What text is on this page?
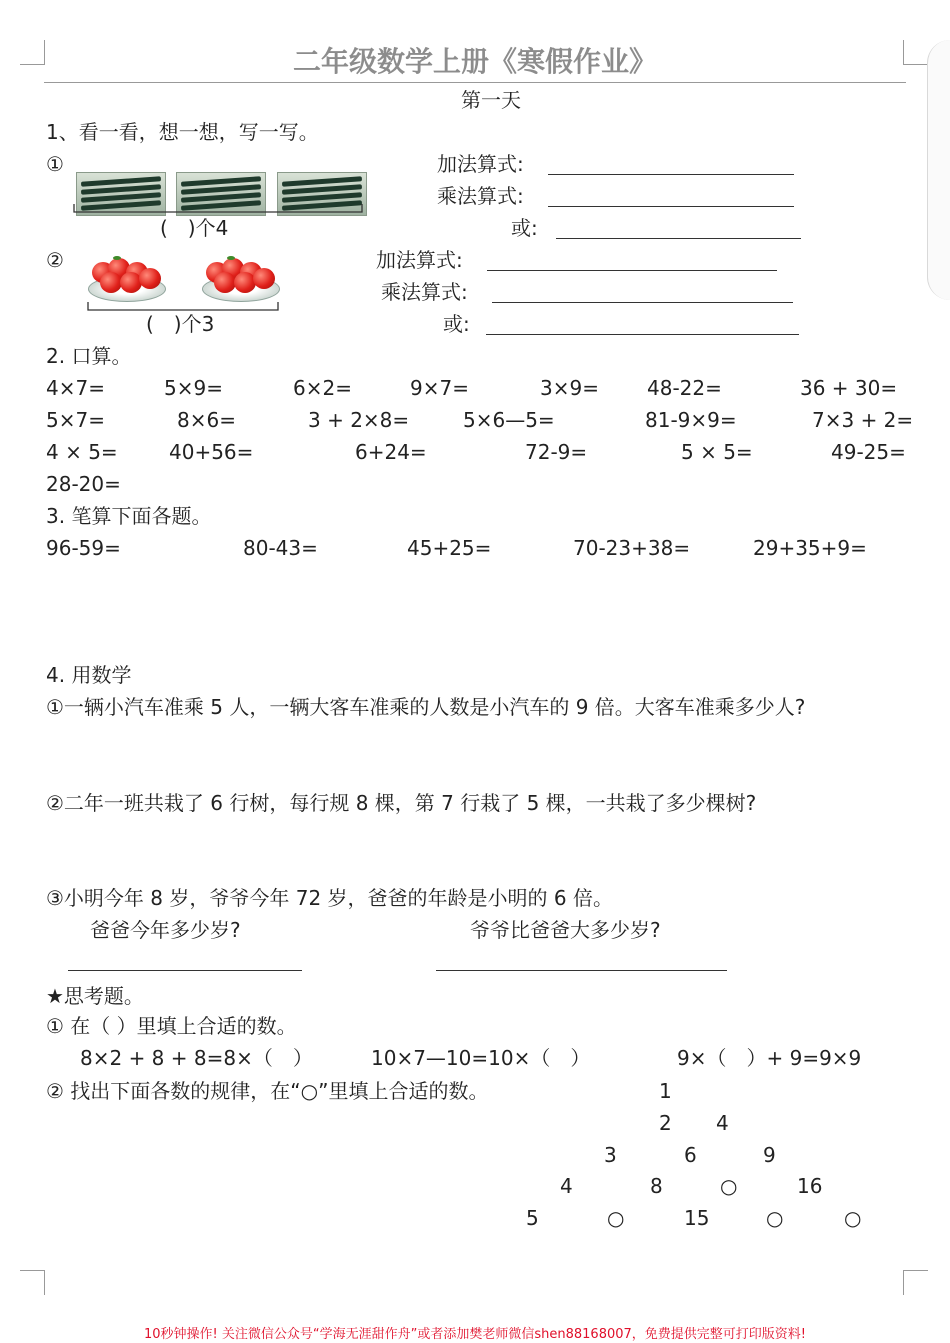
二年级数学上册《寒假作业》
第一天
1、看一看，想一想，写一写。
①
(　)个4
加法算式:
乘法算式:
或:
②
(　)个3
加法算式:
乘法算式:
或:
2. 口算。
4×7=	5×9=	6×2=	9×7=	3×9= 48-22=	36 + 30=
5×7=	8×6=	3 + 2×8=	5×6—5=	81-9×9=	7×3 + 2=
4 × 5=	40+56=	6+24=	72-9=	5 × 5=	49-25=
28-20=
3. 笔算下面各题。
96-59=	80-43=	45+25=	70-23+38=	29+35+9=
4. 用数学
①一辆小汽车准乘 5 人，一辆大客车准乘的人数是小汽车的 9 倍。大客车准乘多少人?
②二年一班共栽了 6 行树，每行规 8 棵，第 7 行栽了 5 棵，一共栽了多少棵树?
③小明今年 8 岁，爷爷今年 72 岁，爸爸的年龄是小明的 6 倍。
爸爸今年多少岁?	爷爷比爸爸大多少岁?
★思考题。
① 在（ ）里填上合适的数。
8×2 + 8 + 8=8×（　）	10×7—10=10×（　）	9×（　）+ 9=9×9
② 找出下面各数的规律，在“○”里填上合适的数。	1
2 4
3	6	9
4	8	○	16
5	○	15	○	○
10秒钟操作! 关注微信公众号“学海无涯甜作舟”或者添加樊老师微信shen88168007，免费提供完整可打印版资料!
